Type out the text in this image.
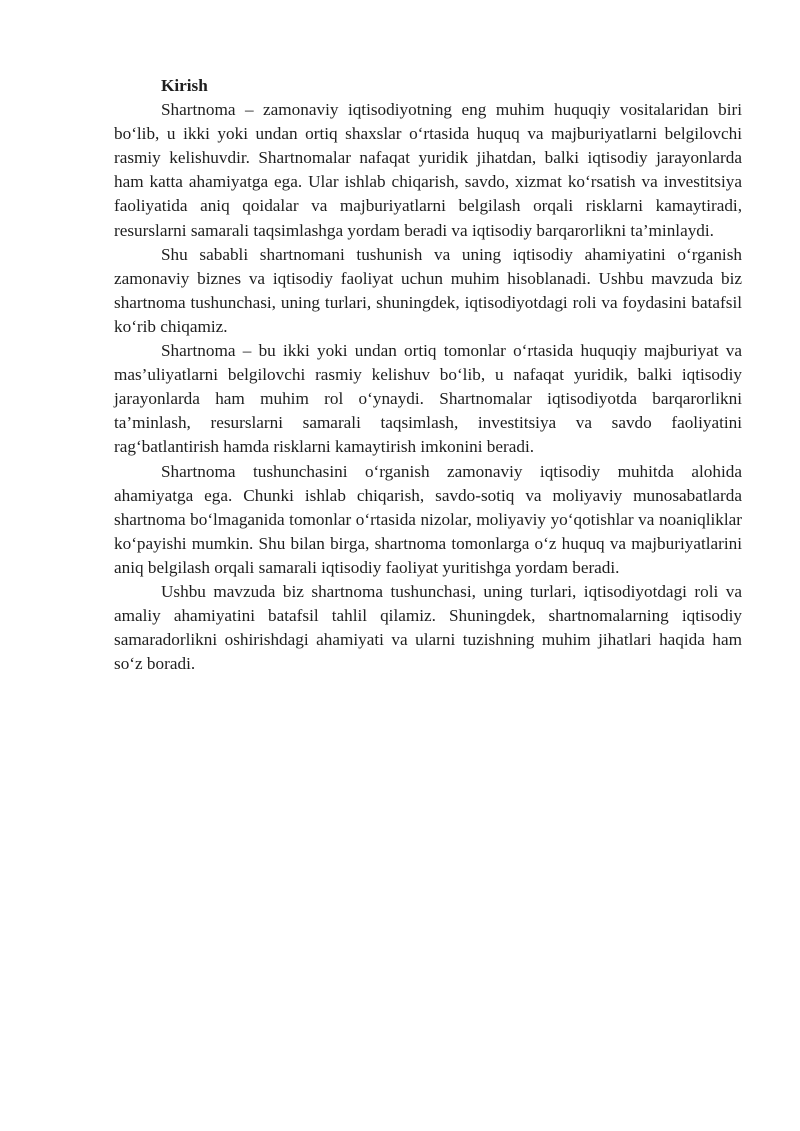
Kirish

Shartnoma – zamonaviy iqtisodiyotning eng muhim huquqiy vositalaridan biri bo‘lib, u ikki yoki undan ortiq shaxslar o‘rtasida huquq va majburiyatlarni belgilovchi rasmiy kelishuvdir. Shartnomalar nafaqat yuridik jihatdan, balki iqtisodiy jarayonlarda ham katta ahamiyatga ega. Ular ishlab chiqarish, savdo, xizmat ko‘rsatish va investitsiya faoliyatida aniq qoidalar va majburiyatlarni belgilash orqali risklarni kamaytiradi, resurslarni samarali taqsimlashga yordam beradi va iqtisodiy barqarorlikni ta’minlaydi.

Shu sababli shartnomani tushunish va uning iqtisodiy ahamiyatini o‘rganish zamonaviy biznes va iqtisodiy faoliyat uchun muhim hisoblanadi. Ushbu mavzuda biz shartnoma tushunchasi, uning turlari, shuningdek, iqtisodiyotdagi roli va foydasini batafsil ko‘rib chiqamiz.

Shartnoma – bu ikki yoki undan ortiq tomonlar o‘rtasida huquqiy majburiyat va mas’uliyatlarni belgilovchi rasmiy kelishuv bo‘lib, u nafaqat yuridik, balki iqtisodiy jarayonlarda ham muhim rol o‘ynaydi. Shartnomalar iqtisodiyotda barqarorlikni ta’minlash, resurslarni samarali taqsimlash, investitsiya va savdo faoliyatini rag‘batlantirish hamda risklarni kamaytirish imkonini beradi.

Shartnoma tushunchasini o‘rganish zamonaviy iqtisodiy muhitda alohida ahamiyatga ega. Chunki ishlab chiqarish, savdo-sotiq va moliyaviy munosabatlarda shartnoma bo‘lmaganida tomonlar o‘rtasida nizolar, moliyaviy yo‘qotishlar va noaniqliklar ko‘payishi mumkin. Shu bilan birga, shartnoma tomonlarga o‘z huquq va majburiyatlarini aniq belgilash orqali samarali iqtisodiy faoliyat yuritishga yordam beradi.

Ushbu mavzuda biz shartnoma tushunchasi, uning turlari, iqtisodiyotdagi roli va amaliy ahamiyatini batafsil tahlil qilamiz. Shuningdek, shartnomalarning iqtisodiy samaradorlikni oshirishdagi ahamiyati va ularni tuzishning muhim jihatlari haqida ham so‘z boradi.
